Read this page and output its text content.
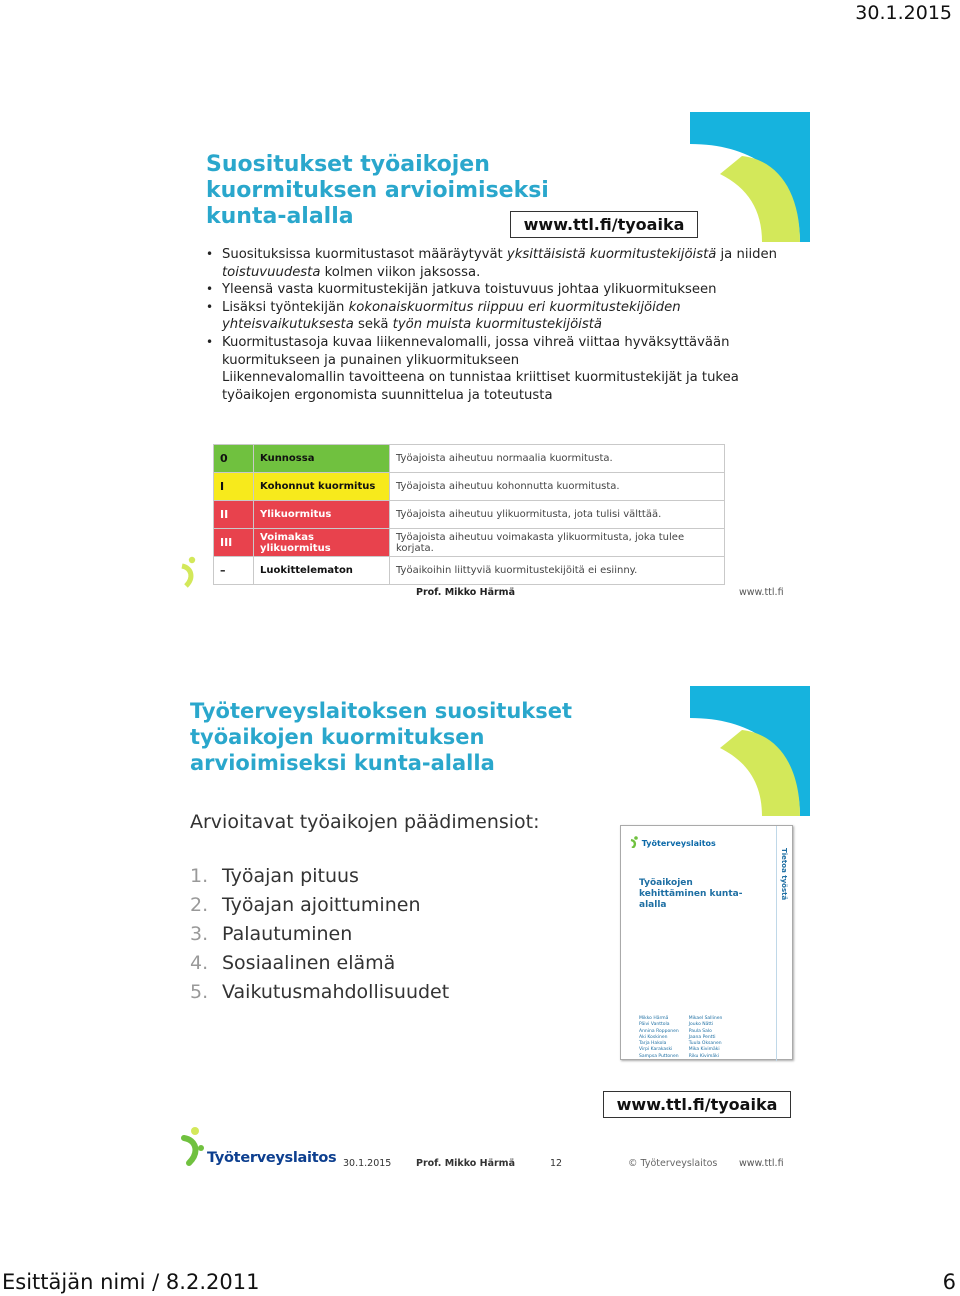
30.1.2015
Suositukset työaikojen kuormituksen arvioimiseksi kunta-alalla	www.ttl.fi/tyoaika
• Suosituksissa kuormitustasot määräytyvät yksittäisistä kuormitustekijöistä ja niiden toistuvuudesta kolmen viikon jaksossa.
• Yleensä vasta kuormitustekijän jatkuva toistuvuus johtaa ylikuormitukseen
• Lisäksi työntekijän kokonaiskuormitus riippuu eri kuormitustekijöiden yhteisvaikutuksesta sekä työn muista kuormitustekijöistä
• Kuormitustasoja kuvaa liikennevalomalli, jossa vihreä viittaa hyväksyttävään kuormitukseen ja punainen ylikuormitukseen
Liikennevalomallin tavoitteena on tunnistaa kriittiset kuormitustekijät ja tukea työaikojen ergonomista suunnittelua ja toteutusta
0	Kunnossa	Työajoista aiheutuu normaalia kuormitusta.
I	Kohonnut kuormitus	Työajoista aiheutuu kohonnutta kuormitusta.
II	Ylikuormitus	Työajoista aiheutuu ylikuormitusta, jota tulisi välttää.
III	Voimakas ylikuormitus	Työajoista aiheutuu voimakasta ylikuormitusta, joka tulee korjata.
–	Luokittelematon	Työaikoihin liittyviä kuormitustekijöitä ei esiinny.
Prof. Mikko Härmä	www.ttl.fi
Työterveyslaitoksen suositukset työaikojen kuormituksen arvioimiseksi kunta-alalla
Arvioitavat työaikojen päädimensiot:
1. Työajan pituus
2. Työajan ajoittuminen
3. Palautuminen
4. Sosiaalinen elämä
5. Vaikutusmahdollisuudet
Työterveyslaitos
Tietoa työstä
Työaikojen kehittäminen kunta-alalla
Mikko Härmä
Päivi Vanttola
Annina Ropponen
Aki Koskinen
Tarja Hakola
Virpi Karakaski
Sampsa Puttonen
Mikael Sallinen
Jouko Nätti
Paula Salo
Jaana Pentti
Tuula Oksanen
Mika Kivimäki
Riku Kivimäki
www.ttl.fi/tyoaika
Työterveyslaitos 30.1.2015	Prof. Mikko Härmä	12	© Työterveyslaitos www.ttl.fi
Esittäjän nimi / 8.2.2011	6
